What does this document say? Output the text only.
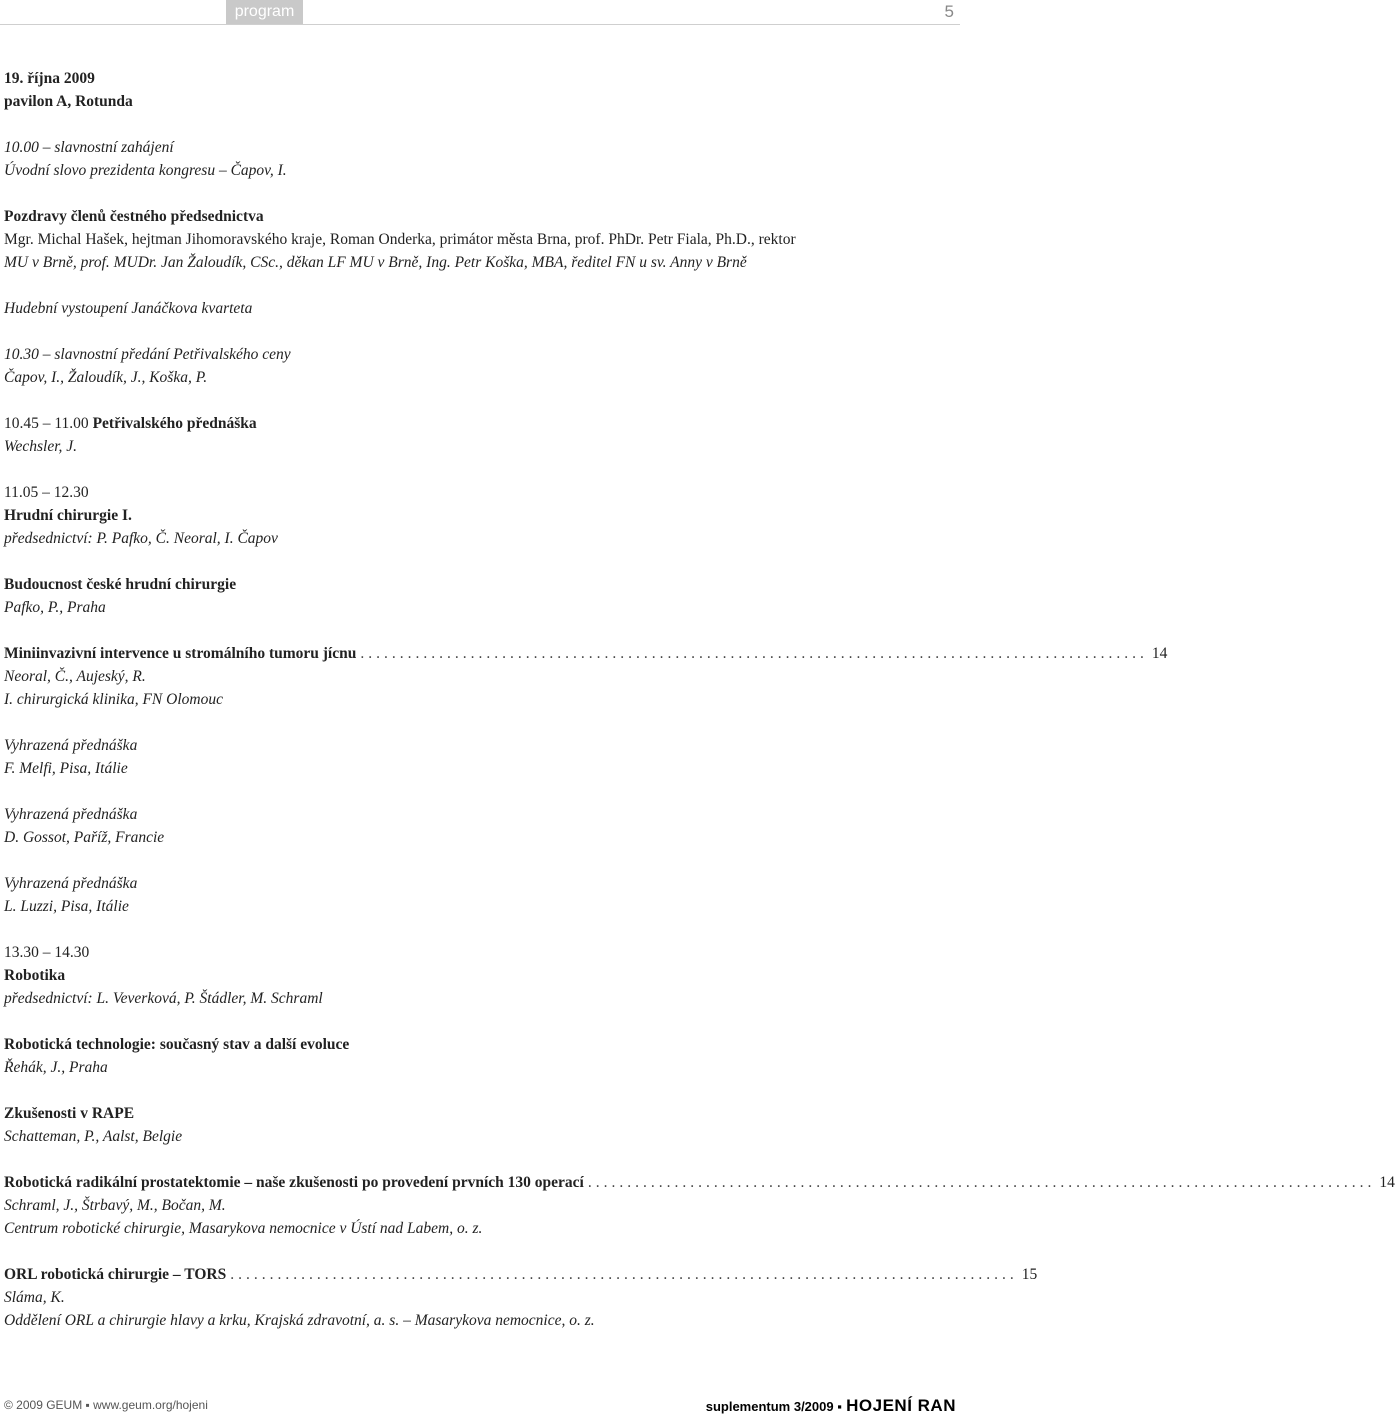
program	5
19. října 2009
pavilon A, Rotunda
10.00 – slavnostní zahájení
Úvodní slovo prezidenta kongresu – Čapov, I.
Pozdravy členů čestného předsednictva
Mgr. Michal Hašek, hejtman Jihomoravského kraje, Roman Onderka, primátor města Brna, prof. PhDr. Petr Fiala, Ph.D., rektor
MU v Brně, prof. MUDr. Jan Žaloudík, CSc., děkan LF MU v Brně, Ing. Petr Koška, MBA, ředitel FN u sv. Anny v Brně
Hudební vystoupení Janáčkova kvarteta
10.30 – slavnostní předání Petřivalského ceny
Čapov, I., Žaloudík, J., Koška, P.
10.45 – 11.00 Petřivalského přednáška
Wechsler, J.
11.05 – 12.30
Hrudní chirurgie I.
předsednictví: P. Pafko, Č. Neoral, I. Čapov
Budoucnost české hrudní chirurgie
Pafko, P., Praha
Miniinvazivní intervence u stromálního tumoru jícnu .................................................................................................... 14
Neoral, Č., Aujeský, R.
I. chirurgická klinika, FN Olomouc
Vyhrazená přednáška
F. Melfi, Pisa, Itálie
Vyhrazená přednáška
D. Gossot, Paříž, Francie
Vyhrazená přednáška
L. Luzzi, Pisa, Itálie
13.30 – 14.30
Robotika
předsednictví: L. Veverková, P. Štádler, M. Schraml
Robotická technologie: současný stav a další evoluce
Řehák, J., Praha
Zkušenosti v RAPE
Schatteman, P., Aalst, Belgie
Robotická radikální prostatektomie – naše zkušenosti po provedení prvních 130 operací .................................................................................................... 14
Schraml, J., Štrbavý, M., Bočan, M.
Centrum robotické chirurgie, Masarykova nemocnice v Ústí nad Labem, o. z.
ORL robotická chirurgie – TORS .................................................................................................... 15
Sláma, K.
Oddělení ORL a chirurgie hlavy a krku, Krajská zdravotní, a. s. – Masarykova nemocnice, o. z.
© 2009 GEUM ▪ www.geum.org/hojeni	suplementum 3/2009 ▪ HOJENÍ RAN
